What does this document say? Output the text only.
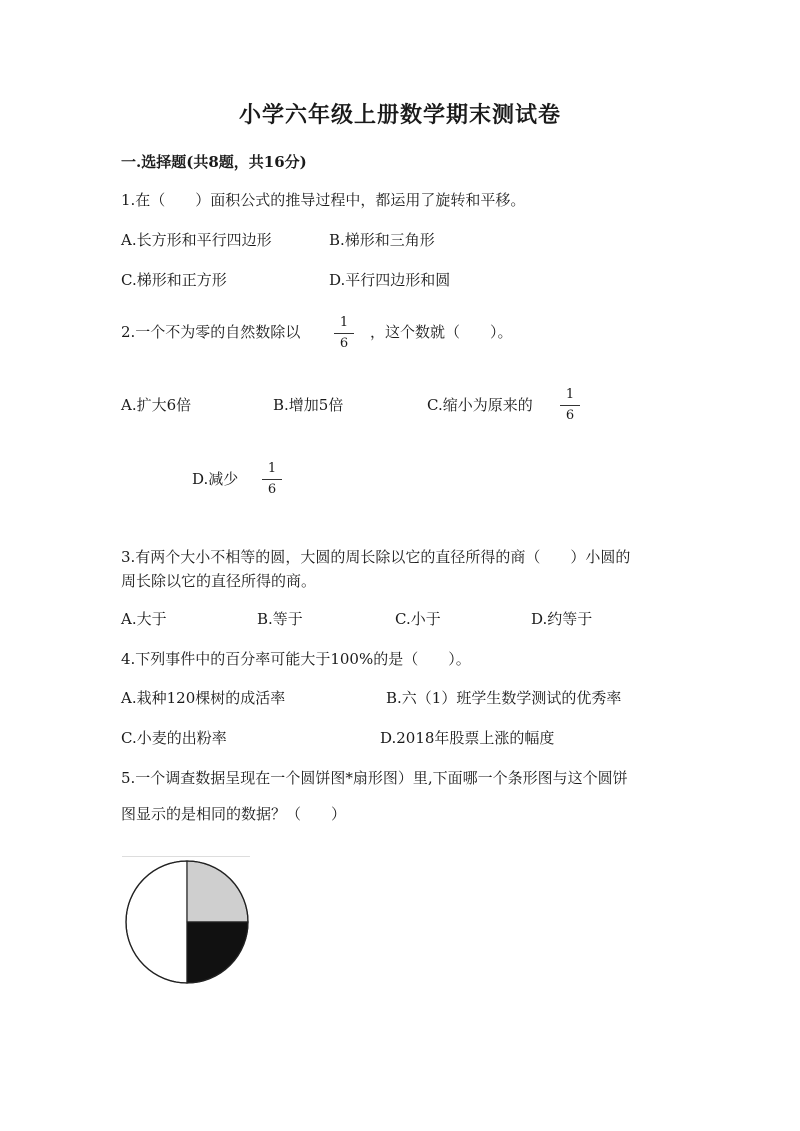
小学六年级上册数学期末测试卷
一.选择题(共8题，共16分)
1.在（　　）面积公式的推导过程中，都运用了旋转和平移。
A.长方形和平行四边形	B.梯形和三角形
C.梯形和正方形	D.平行四边形和圆
2.一个不为零的自然数除以	$\frac{1}{6}$ ，这个数就（　　）。
A.扩大6倍	B.增加5倍	C.缩小为原来的 $\frac{1}{6}$
D.减少 $\frac{1}{6}$
3.有两个大小不相等的圆，大圆的周长除以它的直径所得的商（　　）小圆的
周长除以它的直径所得的商。
A.大于	B.等于	C.小于	D.约等于
4.下列事件中的百分率可能大于100%的是（　　）。
A.栽种120棵树的成活率	B.六（1）班学生数学测试的优秀率
C.小麦的出粉率	D.2018年股票上涨的幅度
5.一个调查数据呈现在一个圆饼图*扇形图）里,下面哪一个条形图与这个圆饼
图显示的是相同的数据？（　　）
